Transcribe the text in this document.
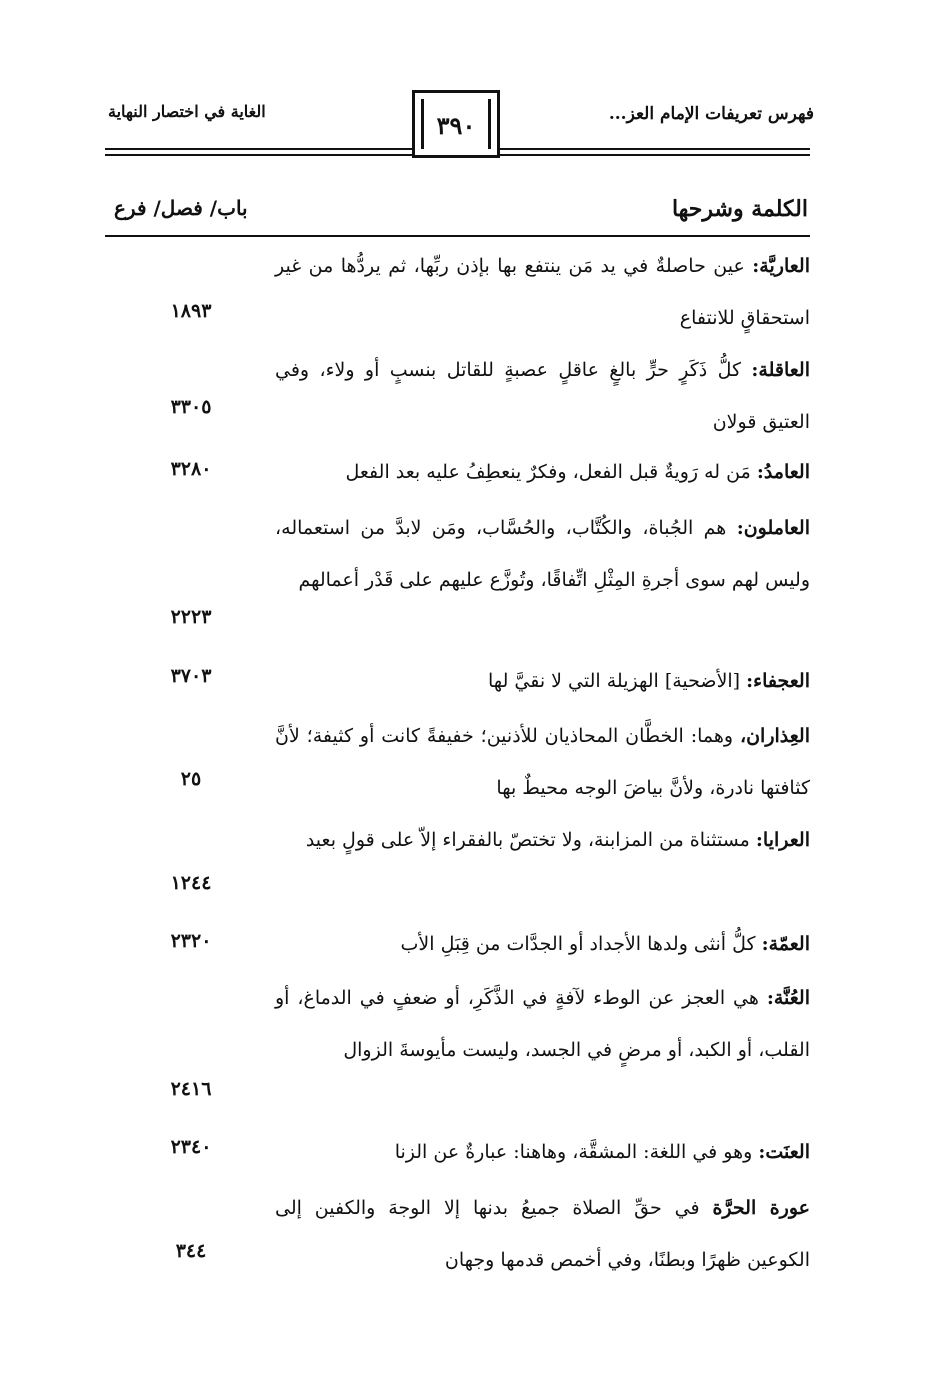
فهرس تعريفات الإمام العز...
الغاية في اختصار النهاية	٣٩٠
الكلمة وشرحها
باب/ فصل/ فرع
العاريَّة: عين حاصلةٌ في يد مَن ينتفع بها بإذن ربِّها، ثم يردُّها من غير استحقاقٍ للانتفاع
١٨٩٣
العاقلة: كلُّ ذَكَرٍ حرٍّ بالغٍ عاقلٍ عصبةٍ للقاتل بنسبٍ أو ولاء، وفي العتيق قولان
٣٣٠٥
العامدُ: مَن له رَويةٌ قبل الفعل، وفكرٌ ينعطِفُ عليه بعد الفعل
٣٢٨٠
العاملون: هم الجُباة، والكُتَّاب، والحُسَّاب، ومَن لابدَّ من استعماله، وليس لهم سوى أجرةِ المِثْلِ اتِّفاقًا، وتُوزَّع عليهم على قَدْر أعمالهم
٢٢٢٣
العجفاء: [الأضحية] الهزيلة التي لا نقيَّ لها
٣٧٠٣
العِذاران، وهما: الخطَّان المحاذيان للأذنين؛ خفيفةً كانت أو كثيفة؛ لأنَّ كثافتها نادرة، ولأنَّ بياضَ الوجه محيطٌ بها
٢٥
العرايا: مستثناة من المزابنة، ولا تختصّ بالفقراء إلاّ على قولٍ بعيد
١٢٤٤
العمّة: كلُّ أنثى ولدها الأجداد أو الجدَّات من قِبَلِ الأب
٢٣٢٠
العُنَّة: هي العجز عن الوطء لآفةٍ في الذَّكَرِ، أو ضعفٍ في الدماغ، أو القلب، أو الكبد، أو مرضٍ في الجسد، وليست مأيوسةَ الزوال
٢٤١٦
العنَت: وهو في اللغة: المشقَّة، وهاهنا: عبارةٌ عن الزنا
٢٣٤٠
عورة الحرَّة في حقِّ الصلاة جميعُ بدنها إلا الوجهَ والكفين إلى الكوعين ظهرًا وبطنًا، وفي أخمص قدمها وجهان
٣٤٤
